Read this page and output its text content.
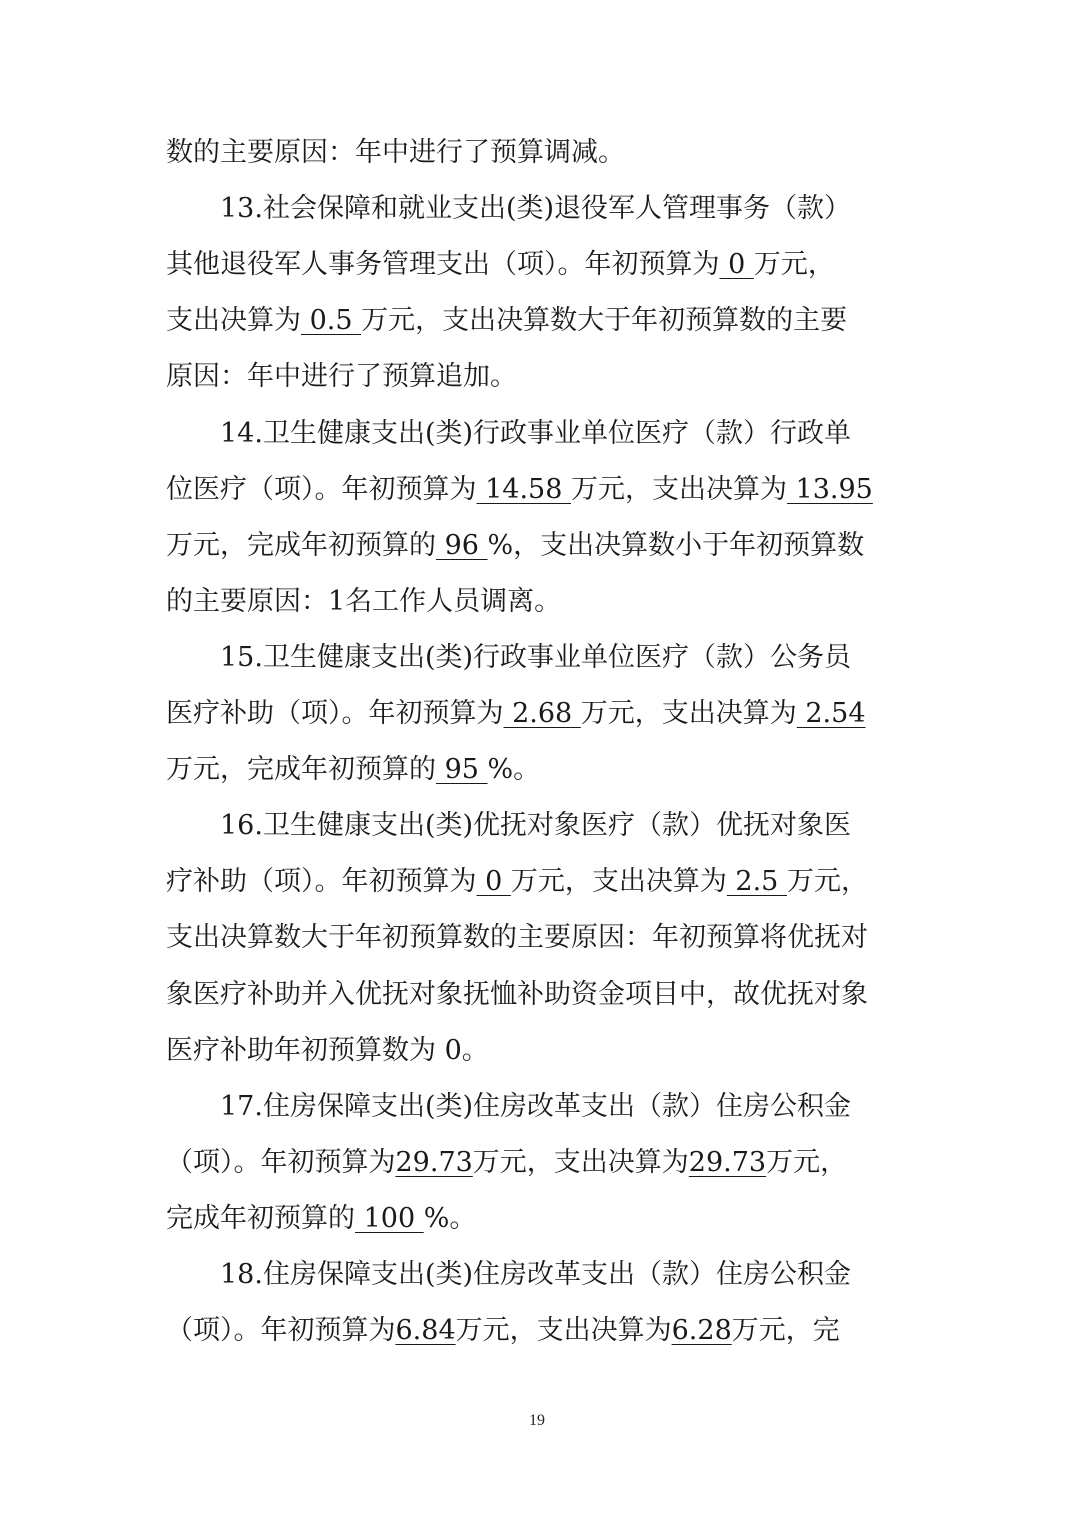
数的主要原因：年中进行了预算调减。
13.社会保障和就业支出(类)退役军人管理事务（款）
其他退役军人事务管理支出（项）。年初预算为 0 万元，
支出决算为 0.5 万元，支出决算数大于年初预算数的主要
原因：年中进行了预算追加。
14.卫生健康支出(类)行政事业单位医疗（款）行政单
位医疗（项）。年初预算为 14.58 万元，支出决算为 13.95
万元，完成年初预算的 96 %，支出决算数小于年初预算数
的主要原因：1名工作人员调离。
15.卫生健康支出(类)行政事业单位医疗（款）公务员
医疗补助（项）。年初预算为 2.68 万元，支出决算为 2.54
万元，完成年初预算的 95 %。
16.卫生健康支出(类)优抚对象医疗（款）优抚对象医
疗补助（项）。年初预算为 0 万元，支出决算为 2.5 万元，
支出决算数大于年初预算数的主要原因：年初预算将优抚对
象医疗补助并入优抚对象抚恤补助资金项目中，故优抚对象
医疗补助年初预算数为 0。
17.住房保障支出(类)住房改革支出（款）住房公积金
（项）。年初预算为29.73万元，支出决算为29.73万元，
完成年初预算的 100 %。
18.住房保障支出(类)住房改革支出（款）住房公积金
（项）。年初预算为6.84万元，支出决算为6.28万元，完
19
